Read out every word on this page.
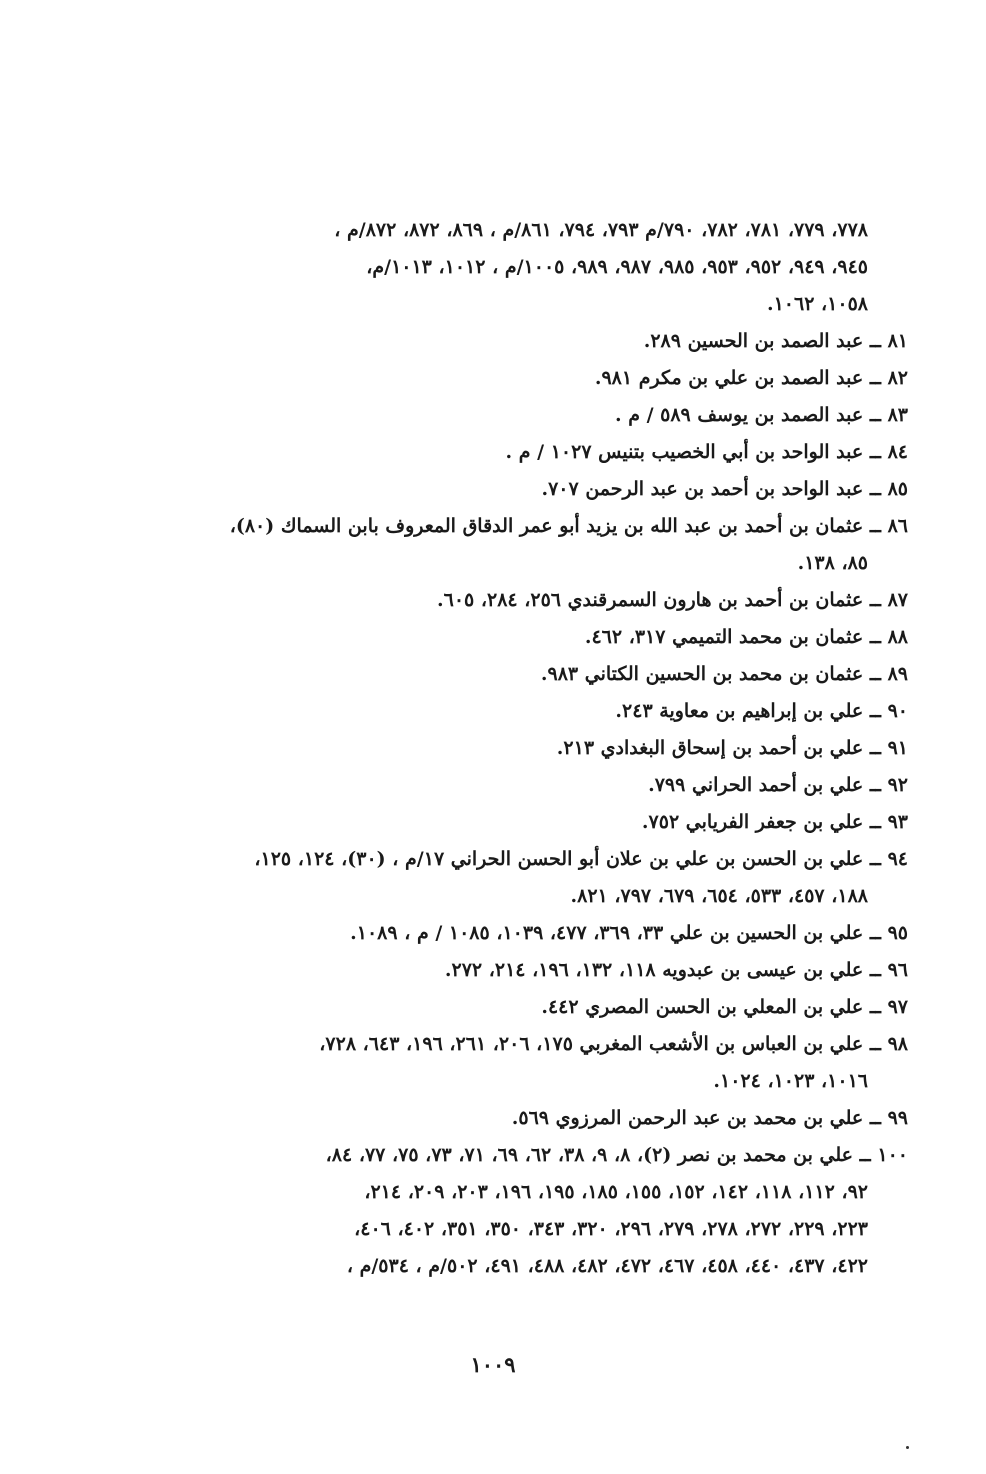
٧٧٨، ٧٧٩، ٧٨١، ٧٨٢، ٧٩٠/م ٧٩٣، ٧٩٤، ٨٦١/م ، ٨٦٩، ٨٧٢، ٨٧٢/م ،
٩٤٥، ٩٤٩، ٩٥٢، ٩٥٣، ٩٨٥، ٩٨٧، ٩٨٩، ١٠٠٥/م ، ١٠١٢، ١٠١٣/م،
١٠٥٨، ١٠٦٢.
٨١ ــ عبد الصمد بن الحسين ٢٨٩.
٨٢ ــ عبد الصمد بن علي بن مكرم ٩٨١.
٨٣ ــ عبد الصمد بن يوسف ٥٨٩ / م .
٨٤ ــ عبد الواحد بن أبي الخصيب بتنيس ١٠٢٧ / م .
٨٥ ــ عبد الواحد بن أحمد بن عبد الرحمن ٧٠٧.
٨٦ ــ عثمان بن أحمد بن عبد الله بن يزيد أبو عمر الدقاق المعروف بابن السماك (٨٠)،
٨٥، ١٣٨.
٨٧ ــ عثمان بن أحمد بن هارون السمرقندي ٢٥٦، ٢٨٤، ٦٠٥.
٨٨ ــ عثمان بن محمد التميمي ٣١٧، ٤٦٢.
٨٩ ــ عثمان بن محمد بن الحسين الكتاني ٩٨٣.
٩٠ ــ علي بن إبراهيم بن معاوية ٢٤٣.
٩١ ــ علي بن أحمد بن إسحاق البغدادي ٢١٣.
٩٢ ــ علي بن أحمد الحراني ٧٩٩.
٩٣ ــ علي بن جعفر الفريابي ٧٥٢.
٩٤ ــ علي بن الحسن بن علي بن علان أبو الحسن الحراني ١٧/م ، (٣٠)، ١٢٤، ١٢٥،
١٨٨، ٤٥٧، ٥٣٣، ٦٥٤، ٦٧٩، ٧٩٧، ٨٢١.
٩٥ ــ علي بن الحسين بن علي ٣٣، ٣٦٩، ٤٧٧، ١٠٣٩، ١٠٨٥ / م ، ١٠٨٩.
٩٦ ــ علي بن عيسى بن عبدويه ١١٨، ١٣٢، ١٩٦، ٢١٤، ٢٧٢.
٩٧ ــ علي بن المعلي بن الحسن المصري ٤٤٢.
٩٨ ــ علي بن العباس بن الأشعب المغربي ١٧٥، ٢٠٦، ٢٦١، ١٩٦، ٦٤٣، ٧٢٨،
١٠١٦، ١٠٢٣، ١٠٢٤.
٩٩ ــ علي بن محمد بن عبد الرحمن المرزوي ٥٦٩.
١٠٠ ــ علي بن محمد بن نصر (٢)، ٨، ٩، ٣٨، ٦٢، ٦٩، ٧١، ٧٣، ٧٥، ٧٧، ٨٤،
٩٢، ١١٢، ١١٨، ١٤٢، ١٥٢، ١٥٥، ١٨٥، ١٩٥، ١٩٦، ٢٠٣، ٢٠٩، ٢١٤،
٢٢٣، ٢٢٩، ٢٧٢، ٢٧٨، ٢٧٩، ٢٩٦، ٣٢٠، ٣٤٣، ٣٥٠، ٣٥١، ٤٠٢، ٤٠٦،
٤٢٢، ٤٣٧، ٤٤٠، ٤٥٨، ٤٦٧، ٤٧٢، ٤٨٢، ٤٨٨، ٤٩١، ٥٠٢/م ، ٥٣٤/م ،
١٠٠٩
